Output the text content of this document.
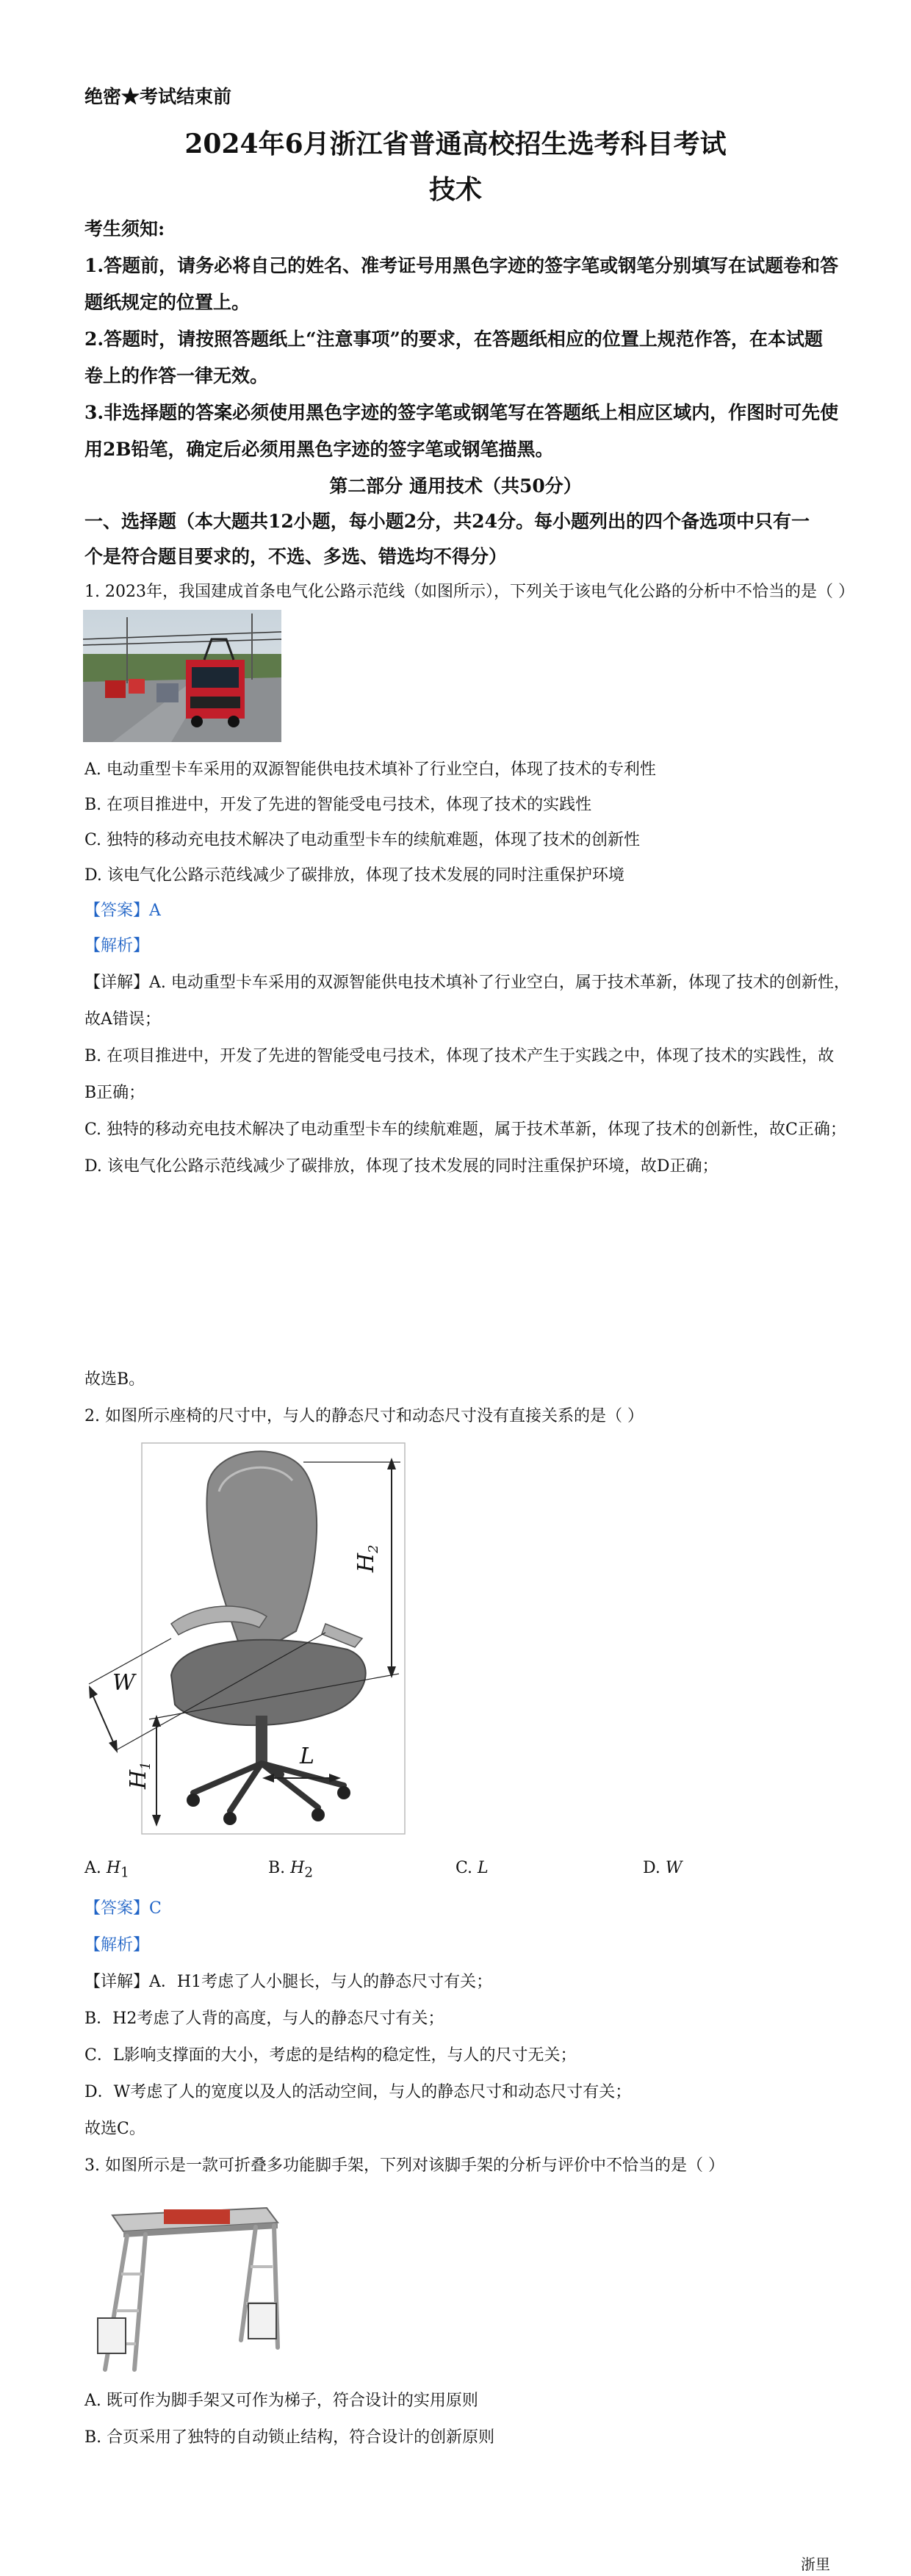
绝密★考试结束前
2024年6月浙江省普通高校招生选考科目考试
技术
考生须知:
1.答题前，请务必将自己的姓名、准考证号用黑色字迹的签字笔或钢笔分别填写在试题卷和答
题纸规定的位置上。
2.答题时，请按照答题纸上“注意事项”的要求，在答题纸相应的位置上规范作答，在本试题
卷上的作答一律无效。
3.非选择题的答案必须使用黑色字迹的签字笔或钢笔写在答题纸上相应区域内，作图时可先使
用2B铅笔，确定后必须用黑色字迹的签字笔或钢笔描黑。
第二部分 通用技术（共50分）
一、选择题（本大题共12小题，每小题2分，共24分。每小题列出的四个备选项中只有一
个是符合题目要求的，不选、多选、错选均不得分）
1. 2023年，我国建成首条电气化公路示范线（如图所示），下列关于该电气化公路的分析中不恰当的是（ ）
A. 电动重型卡车采用的双源智能供电技术填补了行业空白，体现了技术的专利性
B. 在项目推进中，开发了先进的智能受电弓技术，体现了技术的实践性
C. 独特的移动充电技术解决了电动重型卡车的续航难题，体现了技术的创新性
D. 该电气化公路示范线减少了碳排放，体现了技术发展的同时注重保护环境
【答案】A
【解析】
【详解】A. 电动重型卡车采用的双源智能供电技术填补了行业空白，属于技术革新，体现了技术的创新性，
故A错误；
B. 在项目推进中，开发了先进的智能受电弓技术，体现了技术产生于实践之中，体现了技术的实践性，故
B正确；
C. 独特的移动充电技术解决了电动重型卡车的续航难题，属于技术革新，体现了技术的创新性，故C正确；
D. 该电气化公路示范线减少了碳排放，体现了技术发展的同时注重保护环境，故D正确；
故选B。
2. 如图所示座椅的尺寸中，与人的静态尺寸和动态尺寸没有直接关系的是（ ）
$H_2$
$H_1$
W
L
A. $H_1$	B. $H_2$	C. L	D. W
【答案】C
【解析】
【详解】A．H1考虑了人小腿长，与人的静态尺寸有关；
B．H2考虑了人背的高度，与人的静态尺寸有关；
C．L影响支撑面的大小，考虑的是结构的稳定性，与人的尺寸无关；
D．W考虑了人的宽度以及人的活动空间，与人的静态尺寸和动态尺寸有关；
故选C。
3. 如图所示是一款可折叠多功能脚手架，下列对该脚手架的分析与评价中不恰当的是（ ）
A. 既可作为脚手架又可作为梯子，符合设计的实用原则
B. 合页采用了独特的自动锁止结构，符合设计的创新原则
浙里
